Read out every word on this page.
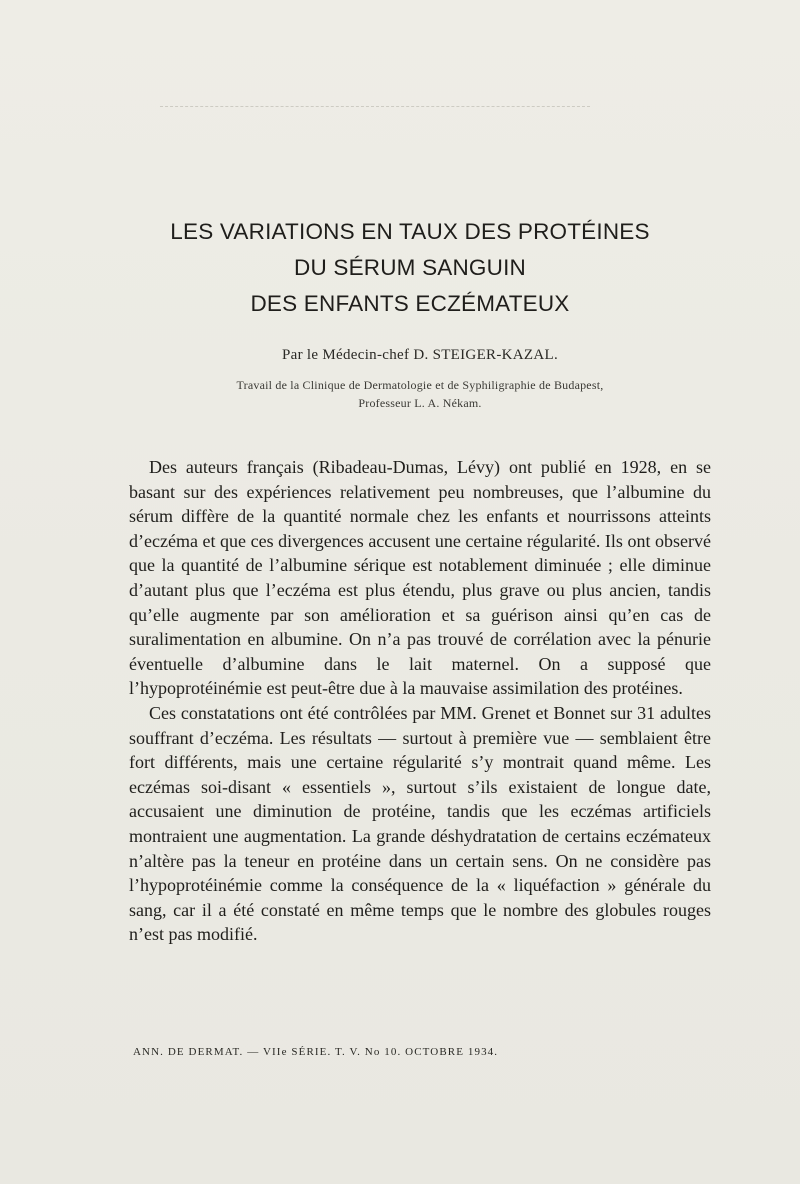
LES VARIATIONS EN TAUX DES PROTÉINES
DU SÉRUM SANGUIN
DES ENFANTS ECZÉMATEUX
Par le Médecin-chef D. STEIGER-KAZAL.
Travail de la Clinique de Dermatologie et de Syphiligraphie de Budapest,
Professeur L. A. Nékam.

Des auteurs français (Ribadeau-Dumas, Lévy) ont publié en 1928, en se basant sur des expériences relativement peu nombreuses, que l’albumine du sérum diffère de la quantité normale chez les enfants et nourrissons atteints d’eczéma et que ces divergences accusent une certaine régularité. Ils ont observé que la quantité de l’albumine sérique est notablement diminuée ; elle diminue d’autant plus que l’eczéma est plus étendu, plus grave ou plus ancien, tandis qu’elle augmente par son amélioration et sa guérison ainsi qu’en cas de suralimentation en albumine. On n’a pas trouvé de corrélation avec la pénurie éventuelle d’albumine dans le lait maternel. On a supposé que l’hypoprotéinémie est peut-être due à la mauvaise assimilation des protéines.

Ces constatations ont été contrôlées par MM. Grenet et Bonnet sur 31 adultes souffrant d’eczéma. Les résultats — surtout à première vue — semblaient être fort différents, mais une certaine régularité s’y montrait quand même. Les eczémas soi-disant « essentiels », surtout s’ils existaient de longue date, accusaient une diminution de protéine, tandis que les eczémas artificiels montraient une augmentation. La grande déshydratation de certains eczémateux n’altère pas la teneur en protéine dans un certain sens. On ne considère pas l’hypoprotéinémie comme la conséquence de la « liquéfaction » générale du sang, car il a été constaté en même temps que le nombre des globules rouges n’est pas modifié.

ANN. DE DERMAT. — VIIe SÉRIE. T. V. No 10. OCTOBRE 1934.
